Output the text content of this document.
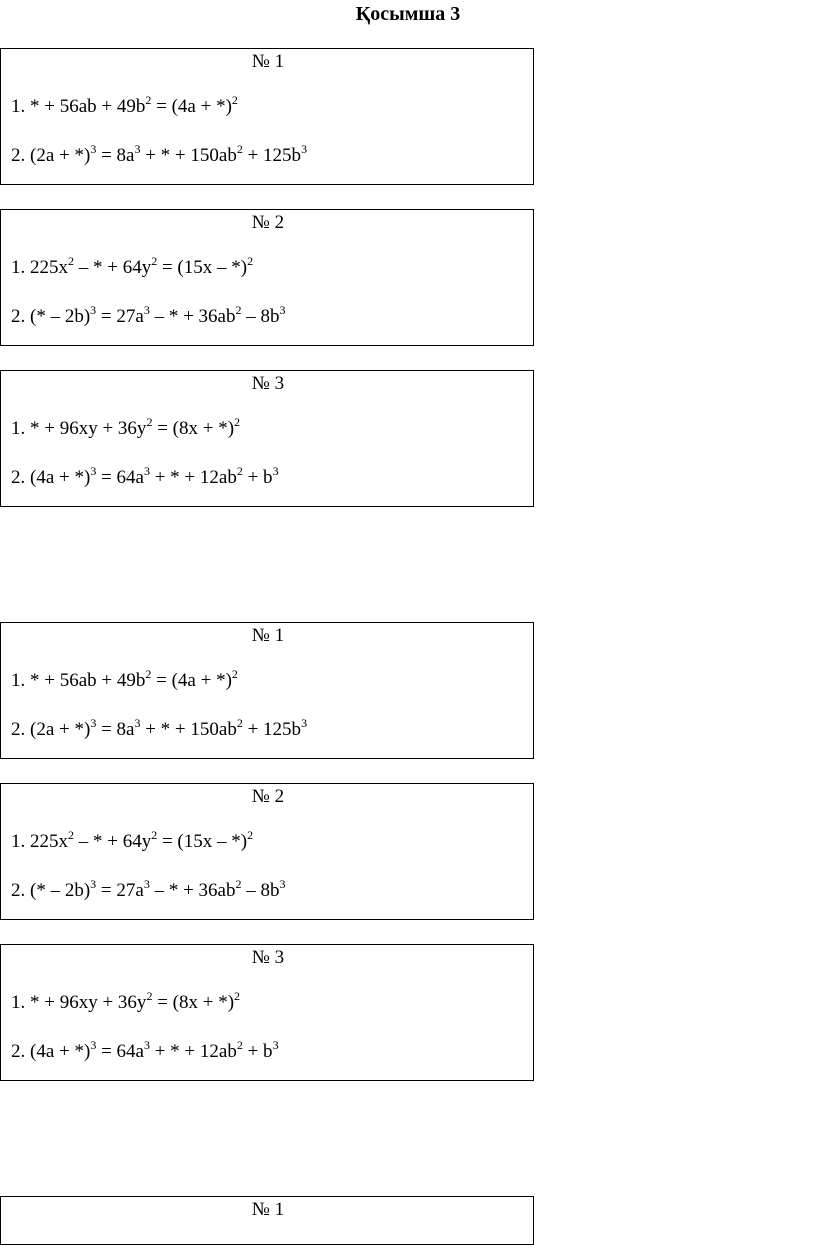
Қосымша 3
№ 1
1. * + $56ab + 49b^2 = (4a + *)^2$
2. $(2a + *)^3 = 8a^3$ + * + $150ab^2 + 125b^3$
№ 2
1. $225x^2$ – * + $64y^2 = (15x - *)^2$
2. (* – $2b)^3 = 27a^3$ – * + $36ab^2 - 8b^3$
№ 3
1. * + $96xy + 36y^2 = (8x + *)^2$
2. $(4a + *)^3 = 64a^3$ + * + $12ab^2 + b^3$
№ 1
1. * + $56ab + 49b^2 = (4a + *)^2$
2. $(2a + *)^3 = 8a^3$ + * + $150ab^2 + 125b^3$
№ 2
1. $225x^2$ – * + $64y^2 = (15x - *)^2$
2. (* – $2b)^3 = 27a^3$ – * + $36ab^2 - 8b^3$
№ 3
1. * + $96xy + 36y^2 = (8x + *)^2$
2. $(4a + *)^3 = 64a^3$ + * + $12ab^2 + b^3$
№ 1
